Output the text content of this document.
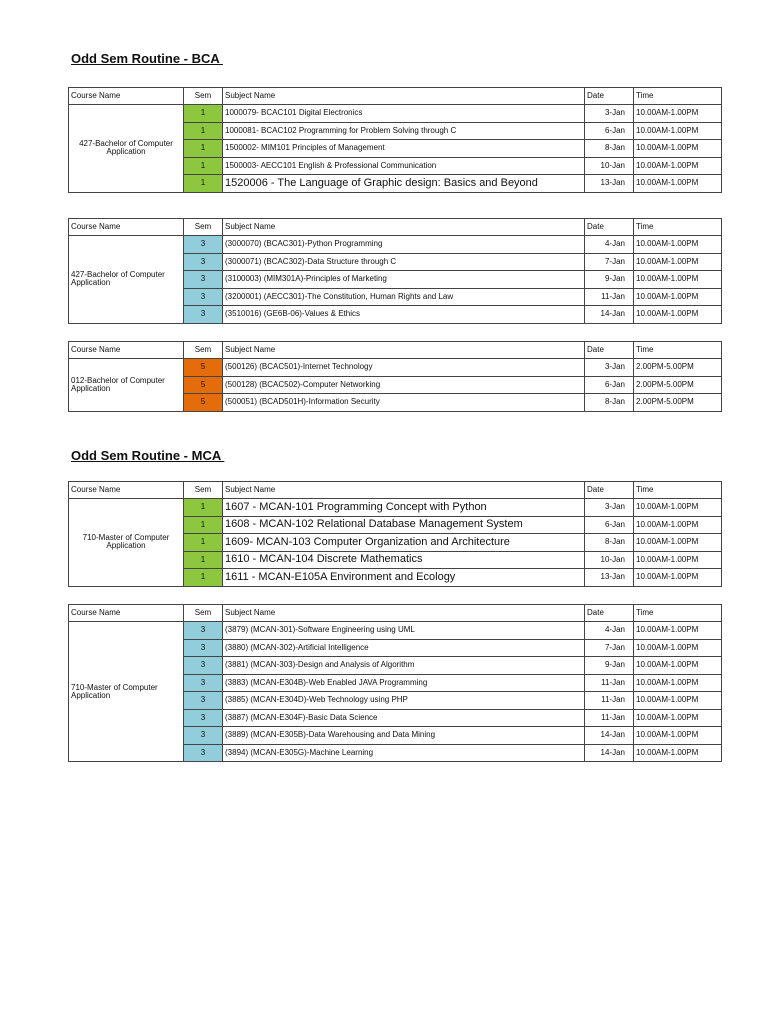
Odd Sem Routine - BCA
Odd Sem Routine - MCA
Course Name	Sem	Subject Name	Date	Time
427-Bachelor of Computer Application	1	1000079- BCAC101 Digital Electronics	3-Jan	10.00AM-1.00PM
	1	1000081- BCAC102 Programming for Problem Solving through C	6-Jan	10.00AM-1.00PM
	1	1500002- MIM101 Principles of Management	8-Jan	10.00AM-1.00PM
	1	1500003- AECC101 English & Professional Communication	10-Jan	10.00AM-1.00PM
	1	1520006 - The Language of Graphic design: Basics and Beyond	13-Jan	10.00AM-1.00PM
Course Name	Sem	Subject Name	Date	Time
427-Bachelor of Computer Application	3	(3000070) (BCAC301)-Python Programming	4-Jan	10.00AM-1.00PM
	3	(3000071) (BCAC302)-Data Structure through C	7-Jan	10.00AM-1.00PM
	3	(3100003) (MIM301A)-Principles of Marketing	9-Jan	10.00AM-1.00PM
	3	(3200001) (AECC301)-The Constitution, Human Rights and Law	11-Jan	10.00AM-1.00PM
	3	(3510016) (GE6B-06)-Values & Ethics	14-Jan	10.00AM-1.00PM
Course Name	Sem	Subject Name	Date	Time
012-Bachelor of Computer Application	5	(500126) (BCAC501)-Internet Technology	3-Jan	2.00PM-5.00PM
	5	(500128) (BCAC502)-Computer Networking	6-Jan	2.00PM-5.00PM
	5	(500051) (BCAD501H)-Information Security	8-Jan	2.00PM-5.00PM
Course Name	Sem	Subject Name	Date	Time
710-Master of Computer Application	1	1607 - MCAN-101 Programming Concept with Python	3-Jan	10.00AM-1.00PM
	1	1608 - MCAN-102 Relational Database Management System	6-Jan	10.00AM-1.00PM
	1	1609- MCAN-103 Computer Organization and Architecture	8-Jan	10.00AM-1.00PM
	1	1610 - MCAN-104 Discrete Mathematics	10-Jan	10.00AM-1.00PM
	1	1611 - MCAN-E105A Environment and Ecology	13-Jan	10.00AM-1.00PM
Course Name	Sem	Subject Name	Date	Time
710-Master of Computer Application	3	(3879) (MCAN-301)-Software Engineering using UML	4-Jan	10.00AM-1.00PM
	3	(3880) (MCAN-302)-Artificial Intelligence	7-Jan	10.00AM-1.00PM
	3	(3881) (MCAN-303)-Design and Analysis of Algorithm	9-Jan	10.00AM-1.00PM
	3	(3883) (MCAN-E304B)-Web Enabled JAVA Programming	11-Jan	10.00AM-1.00PM
	3	(3885) (MCAN-E304D)-Web Technology using PHP	11-Jan	10.00AM-1.00PM
	3	(3887) (MCAN-E304F)-Basic Data Science	11-Jan	10.00AM-1.00PM
	3	(3889) (MCAN-E305B)-Data Warehousing and Data Mining	14-Jan	10.00AM-1.00PM
	3	(3894) (MCAN-E305G)-Machine Learning	14-Jan	10.00AM-1.00PM
